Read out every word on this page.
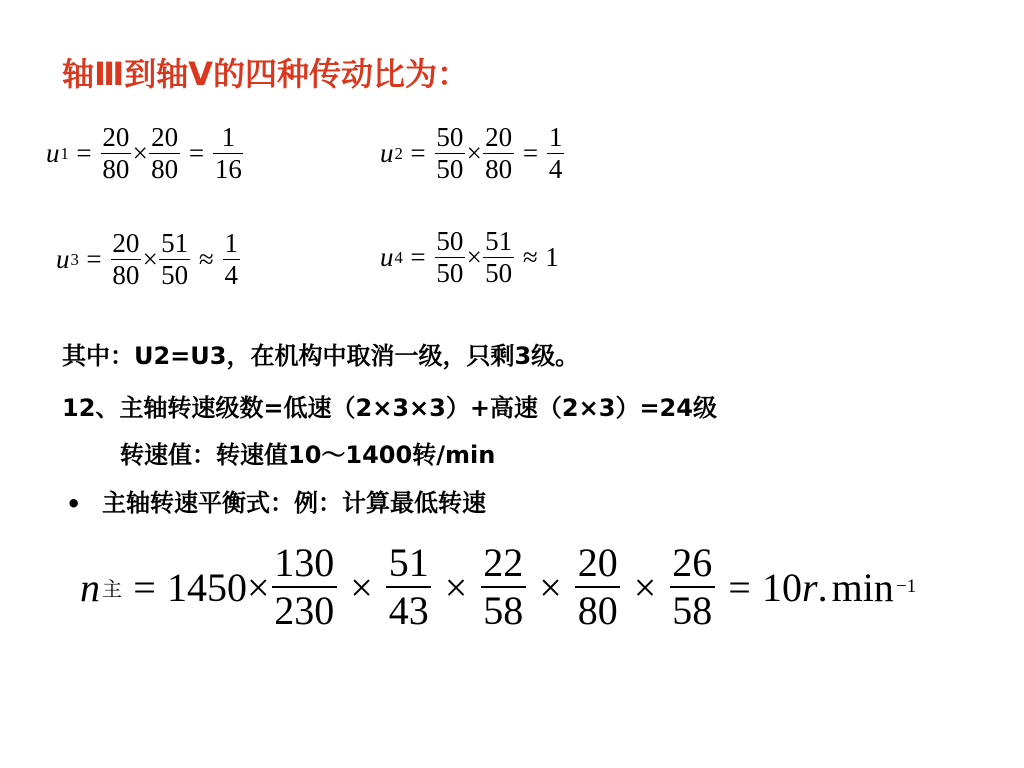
轴Ⅲ到轴V的四种传动比为：
u $1 = \frac{20}{80} \times \frac{20}{80} = \frac{1}{16}$	u $2 = \frac{50}{50} \times \frac{20}{80} = \frac{1}{4}$
u $3 = \frac{20}{80} \times \frac{51}{50} \approx \frac{1}{4}$	u $4 = \frac{50}{50} \times \frac{51}{50} \approx 1$
其中：U2=U3，在机构中取消一级，只剩3级。
12、主轴转速级数=低速（2×3×3）+高速（2×3）=24级
转速值：转速值10～1400转/min
• 主轴转速平衡式：例：计算最低转速
n 主 = $1450 \times \frac{130}{230} \times \frac{51}{43} \times \frac{22}{58} \times \frac{20}{80} \times \frac{26}{58} = 10$ r . min −1
